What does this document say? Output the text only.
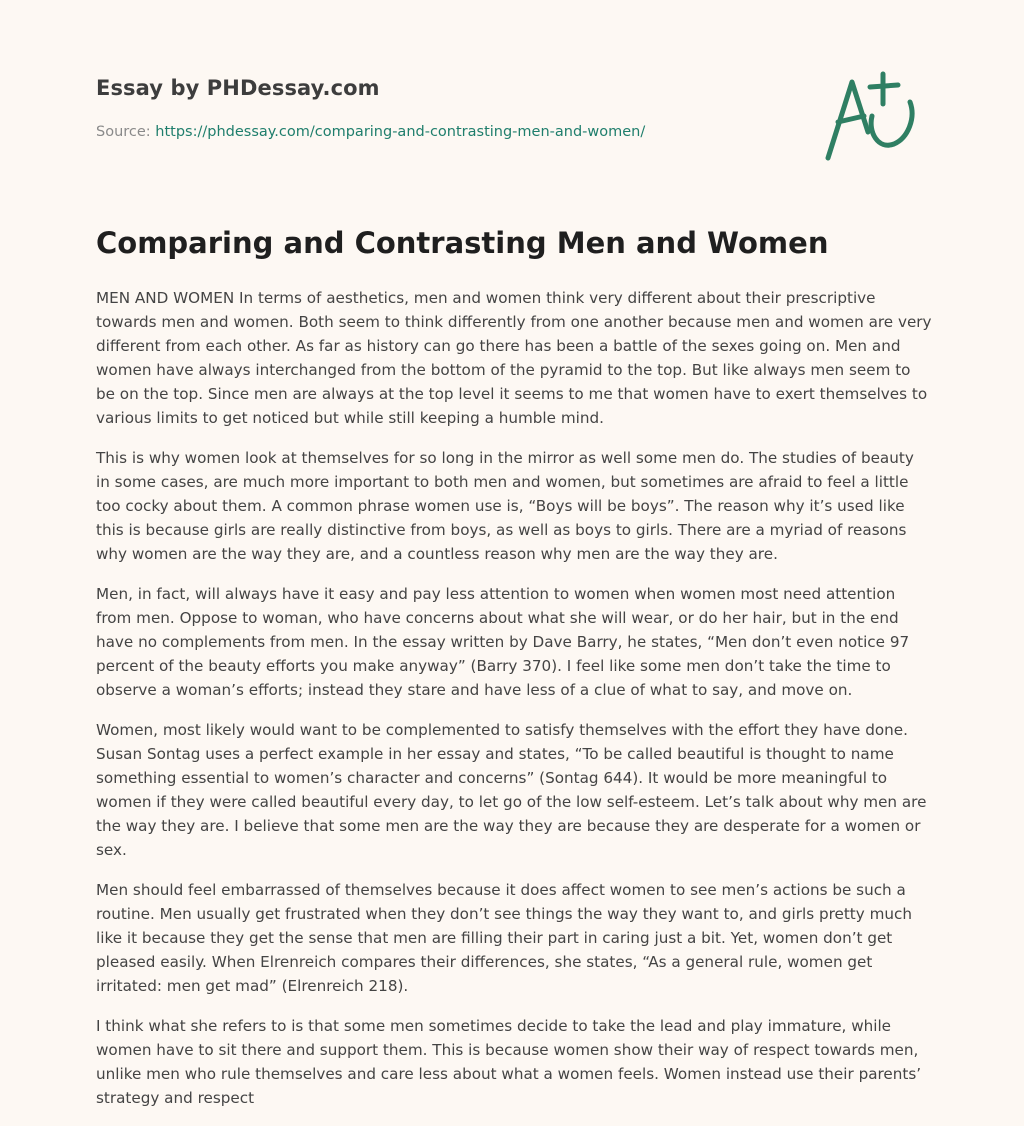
Essay by PHDessay.com
Source: https://phdessay.com/comparing-and-contrasting-men-and-women/
Comparing and Contrasting Men and Women

MEN AND WOMEN In terms of aesthetics, men and women think very different about their prescriptive towards men and women. Both seem to think differently from one another because men and women are very different from each other. As far as history can go there has been a battle of the sexes going on. Men and women have always interchanged from the bottom of the pyramid to the top. But like always men seem to be on the top. Since men are always at the top level it seems to me that women have to exert themselves to various limits to get noticed but while still keeping a humble mind.

This is why women look at themselves for so long in the mirror as well some men do. The studies of beauty in some cases, are much more important to both men and women, but sometimes are afraid to feel a little too cocky about them. A common phrase women use is, “Boys will be boys”. The reason why it’s used like this is because girls are really distinctive from boys, as well as boys to girls. There are a myriad of reasons why women are the way they are, and a countless reason why men are the way they are.

Men, in fact, will always have it easy and pay less attention to women when women most need attention from men. Oppose to woman, who have concerns about what she will wear, or do her hair, but in the end have no complements from men. In the essay written by Dave Barry, he states, “Men don’t even notice 97 percent of the beauty efforts you make anyway” (Barry 370). I feel like some men don’t take the time to observe a woman’s efforts; instead they stare and have less of a clue of what to say, and move on.

Women, most likely would want to be complemented to satisfy themselves with the effort they have done. Susan Sontag uses a perfect example in her essay and states, “To be called beautiful is thought to name something essential to women’s character and concerns” (Sontag 644). It would be more meaningful to women if they were called beautiful every day, to let go of the low self-esteem. Let’s talk about why men are the way they are. I believe that some men are the way they are because they are desperate for a women or sex.

Men should feel embarrassed of themselves because it does affect women to see men’s actions be such a routine. Men usually get frustrated when they don’t see things the way they want to, and girls pretty much like it because they get the sense that men are filling their part in caring just a bit. Yet, women don’t get pleased easily. When Elrenreich compares their differences, she states, “As a general rule, women get irritated: men get mad” (Elrenreich 218).

I think what she refers to is that some men sometimes decide to take the lead and play immature, while women have to sit there and support them. This is because women show their way of respect towards men, unlike men who rule themselves and care less about what a women feels. Women instead use their parents’ strategy and respect
